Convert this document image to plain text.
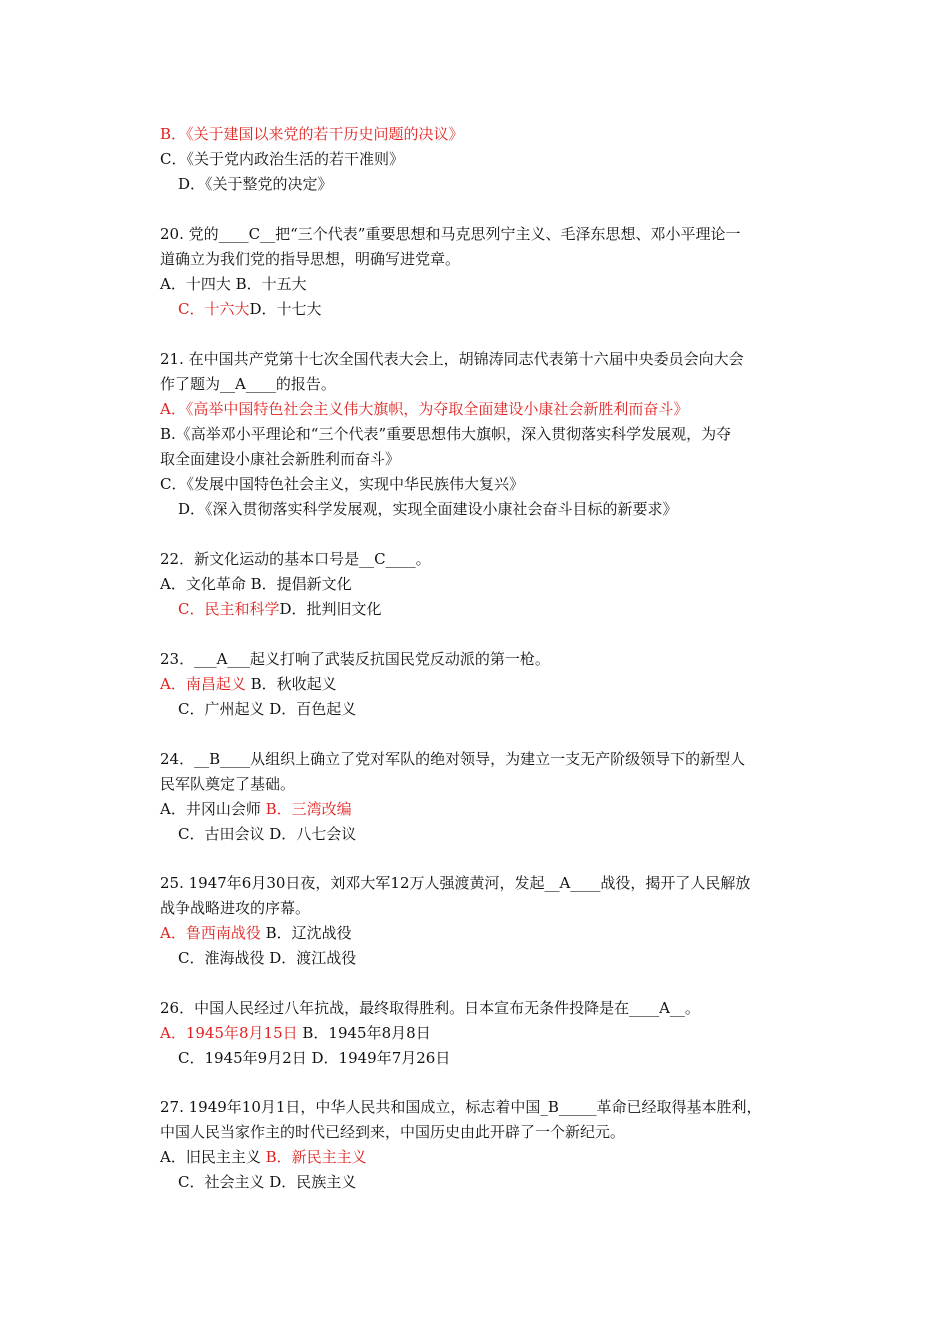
B．《关于建国以来党的若干历史问题的决议》
C．《关于党内政治生活的若干准则》
D．《关于整党的决定》
20. 党的____C__把“三个代表”重要思想和马克思列宁主义、毛泽东思想、邓小平理论一
道确立为我们党的指导思想，明确写进党章。
A．十四大 B．十五大
C．十六大D．十七大
21. 在中国共产党第十七次全国代表大会上，胡锦涛同志代表第十六届中央委员会向大会
作了题为__A____的报告。
A．《高举中国特色社会主义伟大旗帜，为夺取全面建设小康社会新胜利而奋斗》
B.《高举邓小平理论和“三个代表”重要思想伟大旗帜，深入贯彻落实科学发展观，为夺
取全面建设小康社会新胜利而奋斗》
C．《发展中国特色社会主义，实现中华民族伟大复兴》
D．《深入贯彻落实科学发展观，实现全面建设小康社会奋斗目标的新要求》
22．新文化运动的基本口号是__C____。
A．文化革命 B．提倡新文化
C．民主和科学D．批判旧文化
23．___A___起义打响了武装反抗国民党反动派的第一枪。
A．南昌起义 B．秋收起义
C．广州起义 D．百色起义
24．__B____从组织上确立了党对军队的绝对领导，为建立一支无产阶级领导下的新型人
民军队奠定了基础。
A．井冈山会师 B．三湾改编
C．古田会议 D．八七会议
25. 1947年6月30日夜，刘邓大军12万人强渡黄河，发起__A____战役，揭开了人民解放
战争战略进攻的序幕。
A．鲁西南战役 B．辽沈战役
C．淮海战役 D．渡江战役
26．中国人民经过八年抗战，最终取得胜利。日本宣布无条件投降是在____A__。
A．1945年8月15日 B．1945年8月8日
C．1945年9月2日 D．1949年7月26日
27. 1949年10月1日，中华人民共和国成立，标志着中国_B_____革命已经取得基本胜利，
中国人民当家作主的时代已经到来，中国历史由此开辟了一个新纪元。
A．旧民主主义 B．新民主主义
C．社会主义 D．民族主义
